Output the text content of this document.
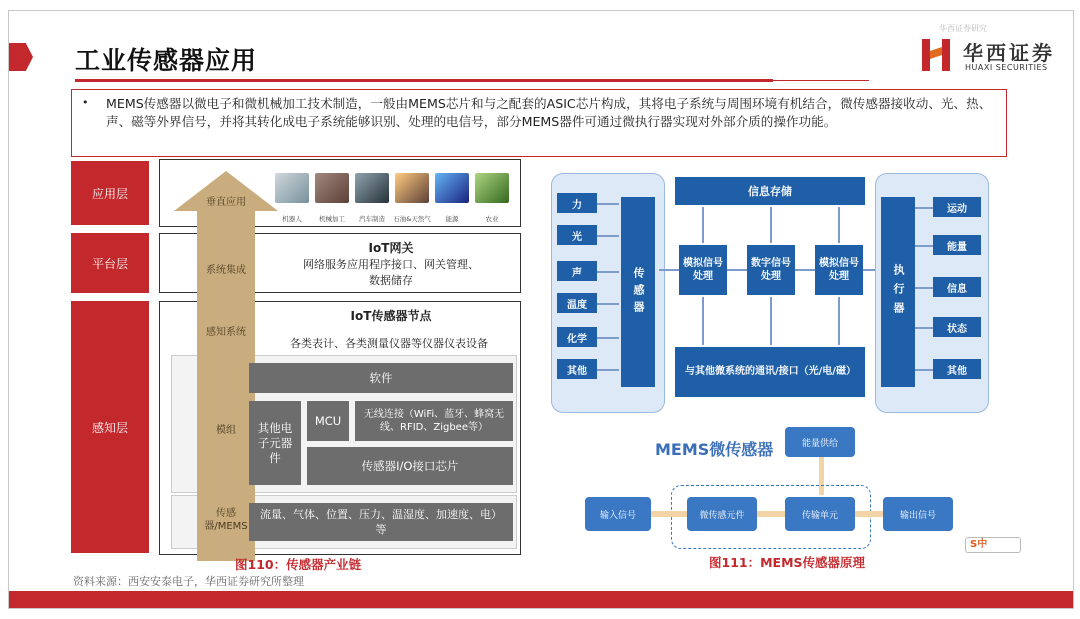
工业传感器应用
华西证券研究
华西证券
HUAXI SECURITIES
• MEMS传感器以微电子和微机械加工技术制造，一般由MEMS芯片和与之配套的ASIC芯片构成，其将电子系统与周围环境有机结合，微传感器接收动、光、热、声、磁等外界信号，并将其转化成电子系统能够识别、处理的电信号，部分MEMS器件可通过微执行器实现对外部介质的操作功能。
应用层
平台层
感知层
垂直应用
系统集成
感知系统
模组
传感器/MEMS
机器人	机械加工	汽车制造	石油&天然气	能源	农业
IoT网关
网络服务应用程序接口、网关管理、
数据储存
IoT传感器节点
各类表计、各类测量仪器等仪器仪表设备
软件
其他电子元器件
MCU	无线连接（WiFi、蓝牙、蜂窝无线、RFID、Zigbee等）
传感器I/O接口芯片
流量、气体、位置、压力、温湿度、加速度、电）等
图110：传感器产业链
力
光
声
温度
化学
其他
传感器
信息存储
模拟信号处理
数字信号处理
模拟信号处理
与其他微系统的通讯/接口（光/电/磁）
执行器
运动
能量
信息
状态
其他
MEMS微传感器	能量供给
输入信号	微传感元件	传输单元	输出信号
S中
图111：MEMS传感器原理
资料来源：西安安泰电子，华西证券研究所整理
